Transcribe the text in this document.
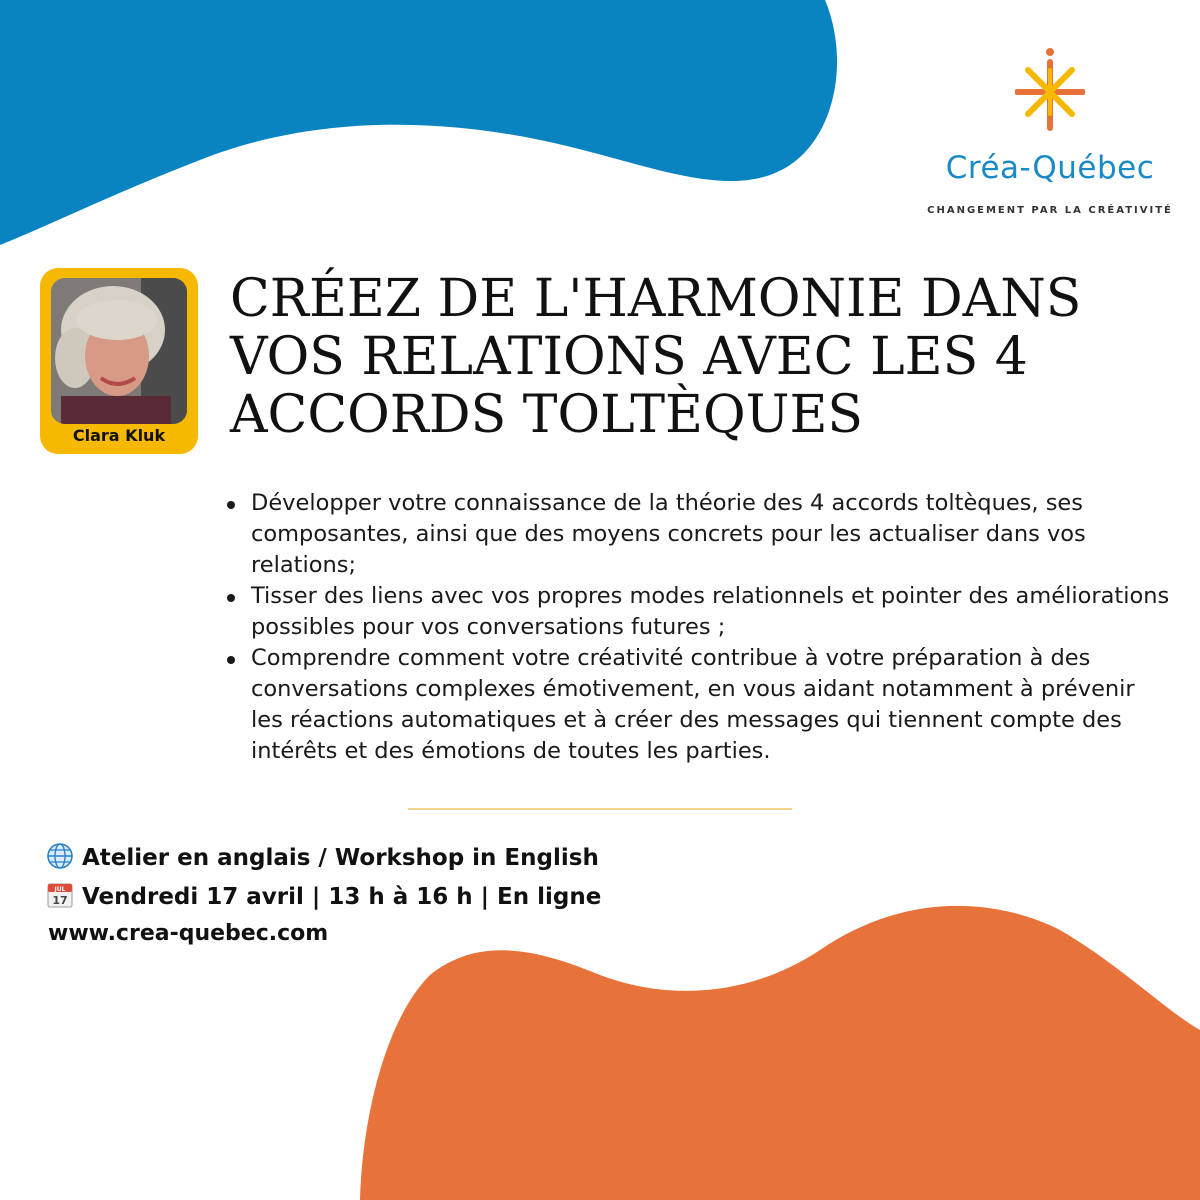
Créa-Québec
CHANGEMENT PAR LA CRÉATIVITÉ
Clara Kluk
CRÉEZ DE L'HARMONIE DANS VOS RELATIONS AVEC LES 4 ACCORDS TOLTÈQUES
Développer votre connaissance de la théorie des 4 accords toltèques, ses composantes, ainsi que des moyens concrets pour les actualiser dans vos relations;
Tisser des liens avec vos propres modes relationnels et pointer des améliorations possibles pour vos conversations futures ;
Comprendre comment votre créativité contribue à votre préparation à des conversations complexes émotivement, en vous aidant notamment à prévenir les réactions automatiques et à créer des messages qui tiennent compte des intérêts et des émotions de toutes les parties.
Atelier en anglais / Workshop in English
JUL
17 Vendredi 17 avril | 13 h à 16 h | En ligne
www.crea-quebec.com
